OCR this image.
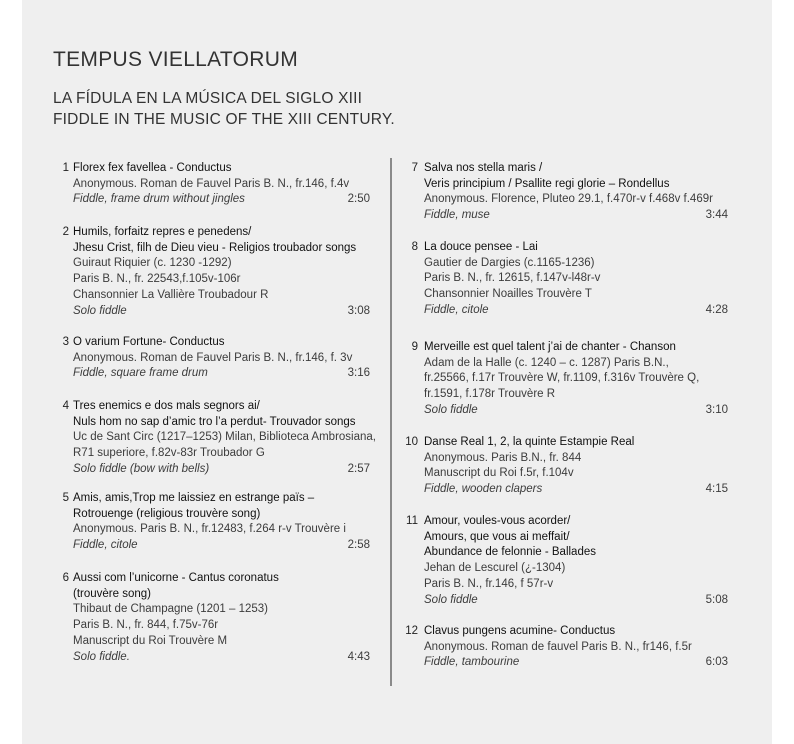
TEMPUS VIELLATORUM
LA FÍDULA EN LA MÚSICA DEL SIGLO XIII
FIDDLE IN THE MUSIC OF THE XIII CENTURY.
1 Florex fex favellea - Conductus
Anonymous. Roman de Fauvel Paris B. N., fr.146, f.4v
Fiddle, frame drum without jingles	2:50
2 Humils, forfaitz repres e penedens/
Jhesu Crist, filh de Dieu vieu - Religios troubador songs
Guiraut Riquier (c. 1230 -1292)
Paris B. N., fr. 22543,f.105v-106r
Chansonnier La Vallière Troubadour R
Solo fiddle	3:08
3 O varium Fortune- Conductus
Anonymous. Roman de Fauvel Paris B. N., fr.146, f. 3v
Fiddle, square frame drum	3:16
4 Tres enemics e dos mals segnors ai/
Nuls hom no sap d’amic tro l’a perdut- Trouvador songs
Uc de Sant Circ (1217–1253) Milan, Biblioteca Ambrosiana,
R71 superiore, f.82v-83r Troubador G
Solo fiddle (bow with bells)	2:57
5 Amis, amis,Trop me laissiez en estrange païs –
Rotrouenge (religious trouvère song)
Anonymous. Paris B. N., fr.12483, f.264 r-v Trouvère i
Fiddle, citole	2:58
6 Aussi com l’unicorne - Cantus coronatus
(trouvère song)
Thibaut de Champagne (1201 – 1253)
Paris B. N., fr. 844, f.75v-76r
Manuscript du Roi Trouvère M
Solo fiddle.	4:43
7 Salva nos stella maris /
Veris principium / Psallite regi glorie – Rondellus
Anonymous. Florence, Pluteo 29.1, f.470r-v f.468v f.469r
Fiddle, muse	3:44
8 La douce pensee - Lai
Gautier de Dargies (c.1165-1236)
Paris B. N., fr. 12615, f.147v-l48r-v
Chansonnier Noailles Trouvère T
Fiddle, citole	4:28
9 Merveille est quel talent j’ai de chanter - Chanson
Adam de la Halle (c. 1240 – c. 1287) Paris B.N.,
fr.25566, f.17r Trouvère W, fr.1109, f.316v Trouvère Q,
fr.1591, f.178r Trouvère R
Solo fiddle	3:10
10 Danse Real 1, 2, la quinte Estampie Real
Anonymous. Paris B.N., fr. 844
Manuscript du Roi f.5r, f.104v
Fiddle, wooden clapers	4:15
11 Amour, voules-vous acorder/
Amours, que vous ai meffait/
Abundance de felonnie - Ballades
Jehan de Lescurel (¿-1304)
Paris B. N., fr.146, f 57r-v
Solo fiddle	5:08
12 Clavus pungens acumine- Conductus
Anonymous. Roman de fauvel Paris B. N., fr146, f.5r
Fiddle, tambourine	6:03
